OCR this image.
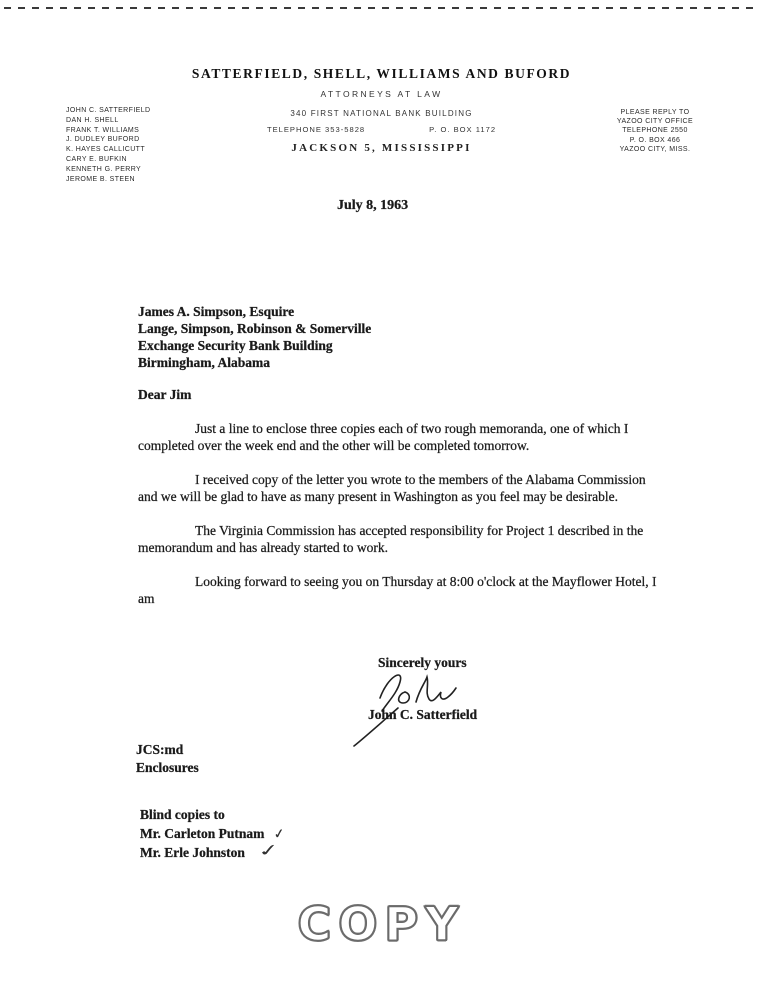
JOHN C. SATTERFIELD
DAN H. SHELL
FRANK T. WILLIAMS
J. DUDLEY BUFORD
K. HAYES CALLICUTT
CARY E. BUFKIN
KENNETH G. PERRY
JEROME B. STEEN
SATTERFIELD, SHELL, WILLIAMS AND BUFORD
ATTORNEYS AT LAW
340 FIRST NATIONAL BANK BUILDING
TELEPHONE 353-5828	P. O. BOX 1172
JACKSON 5, MISSISSIPPI
PLEASE REPLY TO
YAZOO CITY OFFICE
TELEPHONE 2550
P. O. BOX 466
YAZOO CITY, MISS.
July 8, 1963
James A. Simpson, Esquire
Lange, Simpson, Robinson & Somerville
Exchange Security Bank Building
Birmingham, Alabama
Dear Jim

Just a line to enclose three copies each of two rough memoranda, one of which I completed over the week end and the other will be completed tomorrow.

I received copy of the letter you wrote to the members of the Alabama Commission and we will be glad to have as many present in Washington as you feel may be desirable.

The Virginia Commission has accepted responsibility for Project 1 described in the memorandum and has already started to work.

Looking forward to seeing you on Thursday at 8:00 o'clock at the Mayflower Hotel, I am

Sincerely yours
John C. Satterfield
JCS:md
Enclosures
Blind copies to
Mr. Carleton Putnam ✓
Mr. Erle Johnston ✓
COPY
